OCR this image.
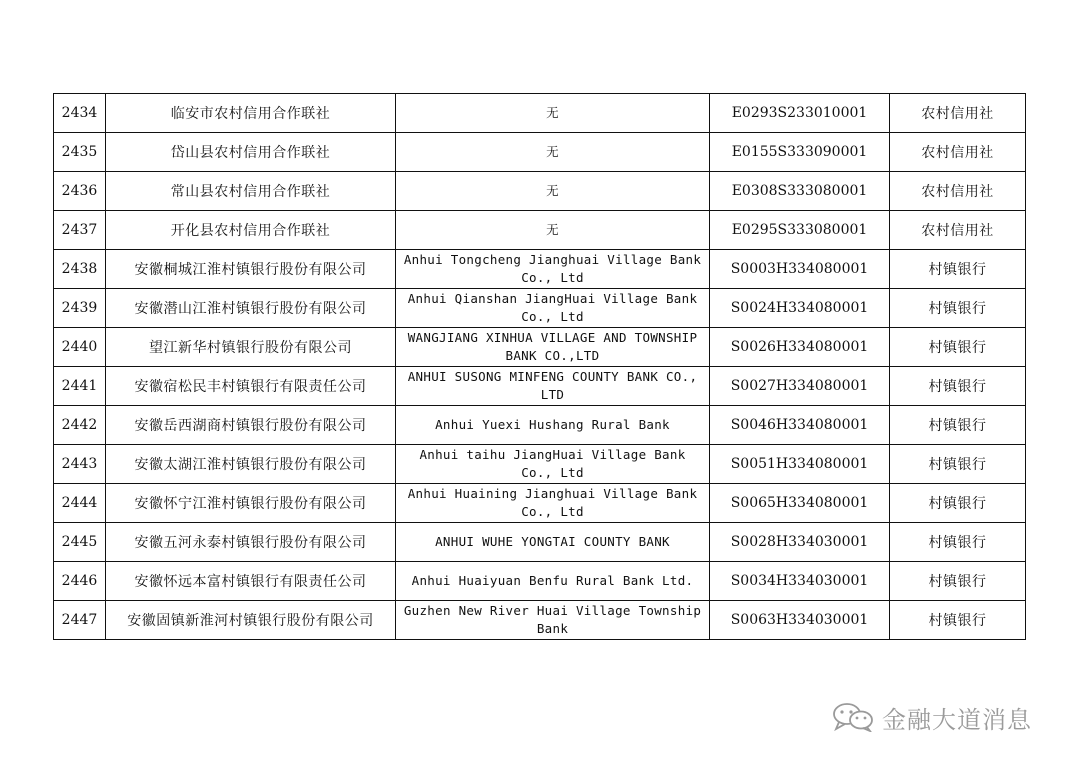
2434	临安市农村信用合作联社	无	E0293S233010001	农村信用社
2435	岱山县农村信用合作联社	无	E0155S333090001	农村信用社
2436	常山县农村信用合作联社	无	E0308S333080001	农村信用社
2437	开化县农村信用合作联社	无	E0295S333080001	农村信用社
2438	安徽桐城江淮村镇银行股份有限公司	Anhui Tongcheng Jianghuai Village Bank Co., Ltd	S0003H334080001	村镇银行
2439	安徽潜山江淮村镇银行股份有限公司	Anhui Qianshan JiangHuai Village Bank Co., Ltd	S0024H334080001	村镇银行
2440	望江新华村镇银行股份有限公司	WANGJIANG XINHUA VILLAGE AND TOWNSHIP BANK CO.,LTD	S0026H334080001	村镇银行
2441	安徽宿松民丰村镇银行有限责任公司	ANHUI SUSONG MINFENG COUNTY BANK CO., LTD	S0027H334080001	村镇银行
2442	安徽岳西湖商村镇银行股份有限公司	Anhui Yuexi Hushang Rural Bank	S0046H334080001	村镇银行
2443	安徽太湖江淮村镇银行股份有限公司	Anhui taihu JiangHuai Village Bank Co., Ltd	S0051H334080001	村镇银行
2444	安徽怀宁江淮村镇银行股份有限公司	Anhui Huaining Jianghuai Village Bank Co., Ltd	S0065H334080001	村镇银行
2445	安徽五河永泰村镇银行股份有限公司	ANHUI WUHE YONGTAI COUNTY BANK	S0028H334030001	村镇银行
2446	安徽怀远本富村镇银行有限责任公司	Anhui Huaiyuan Benfu Rural Bank Ltd.	S0034H334030001	村镇银行
2447	安徽固镇新淮河村镇银行股份有限公司	Guzhen New River Huai Village Township Bank	S0063H334030001	村镇银行
金融大道消息
